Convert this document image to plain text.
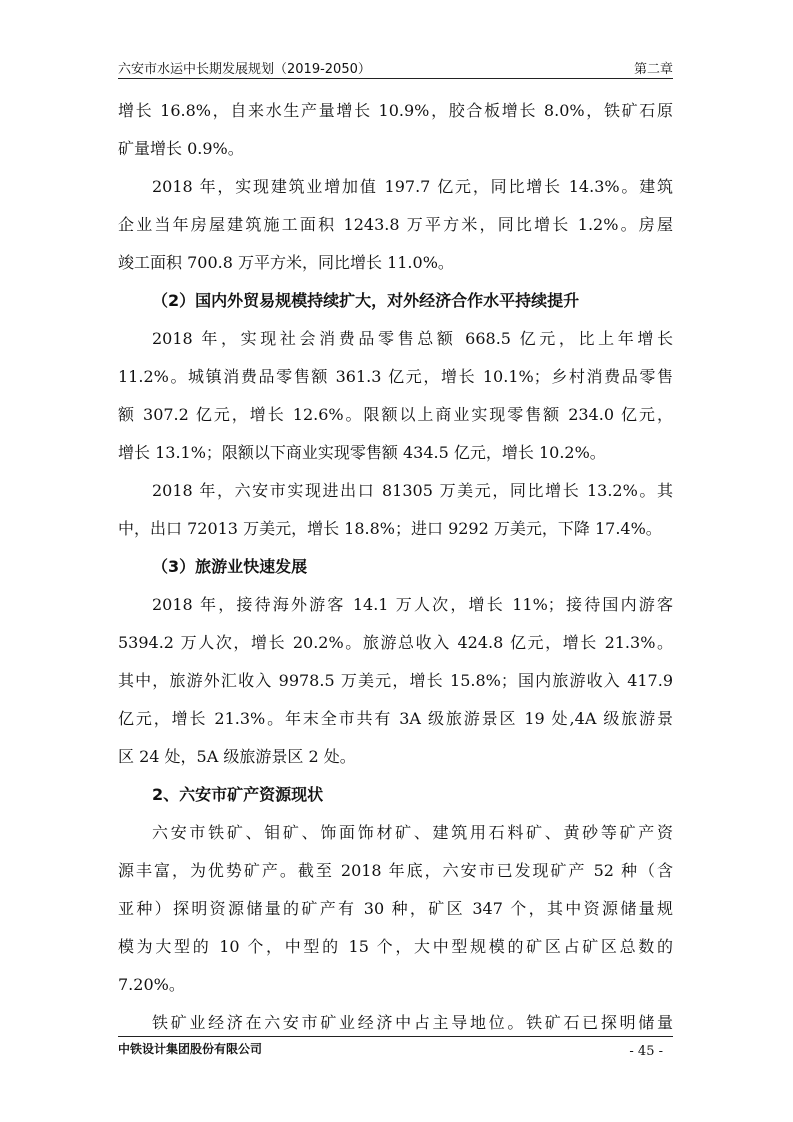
六安市水运中长期发展规划（2019-2050）	第二章
增长 16.8%，自来水生产量增长 10.9%，胶合板增长 8.0%，铁矿石原
矿量增长 0.9%。
2018 年，实现建筑业增加值 197.7 亿元，同比增长 14.3%。建筑
企业当年房屋建筑施工面积 1243.8 万平方米，同比增长 1.2%。房屋
竣工面积 700.8 万平方米，同比增长 11.0%。
（2）国内外贸易规模持续扩大，对外经济合作水平持续提升
2018 年，实现社会消费品零售总额 668.5 亿元，比上年增长
11.2%。城镇消费品零售额 361.3 亿元，增长 10.1%；乡村消费品零售
额 307.2 亿元，增长 12.6%。限额以上商业实现零售额 234.0 亿元，
增长 13.1%；限额以下商业实现零售额 434.5 亿元，增长 10.2%。
2018 年，六安市实现进出口 81305 万美元，同比增长 13.2%。其
中，出口 72013 万美元，增长 18.8%；进口 9292 万美元，下降 17.4%。
（3）旅游业快速发展
2018 年，接待海外游客 14.1 万人次，增长 11%；接待国内游客
5394.2 万人次，增长 20.2%。旅游总收入 424.8 亿元，增长 21.3%。
其中，旅游外汇收入 9978.5 万美元，增长 15.8%；国内旅游收入 417.9
亿元，增长 21.3%。年末全市共有 3A 级旅游景区 19 处,4A 级旅游景
区 24 处，5A 级旅游景区 2 处。
2、六安市矿产资源现状
六安市铁矿、钼矿、饰面饰材矿、建筑用石料矿、黄砂等矿产资
源丰富，为优势矿产。截至 2018 年底，六安市已发现矿产 52 种（含
亚种）探明资源储量的矿产有 30 种，矿区 347 个，其中资源储量规
模为大型的 10 个，中型的 15 个，大中型规模的矿区占矿区总数的
7.20%。
铁矿业经济在六安市矿业经济中占主导地位。铁矿石已探明储量
中铁设计集团股份有限公司	- 45 -
